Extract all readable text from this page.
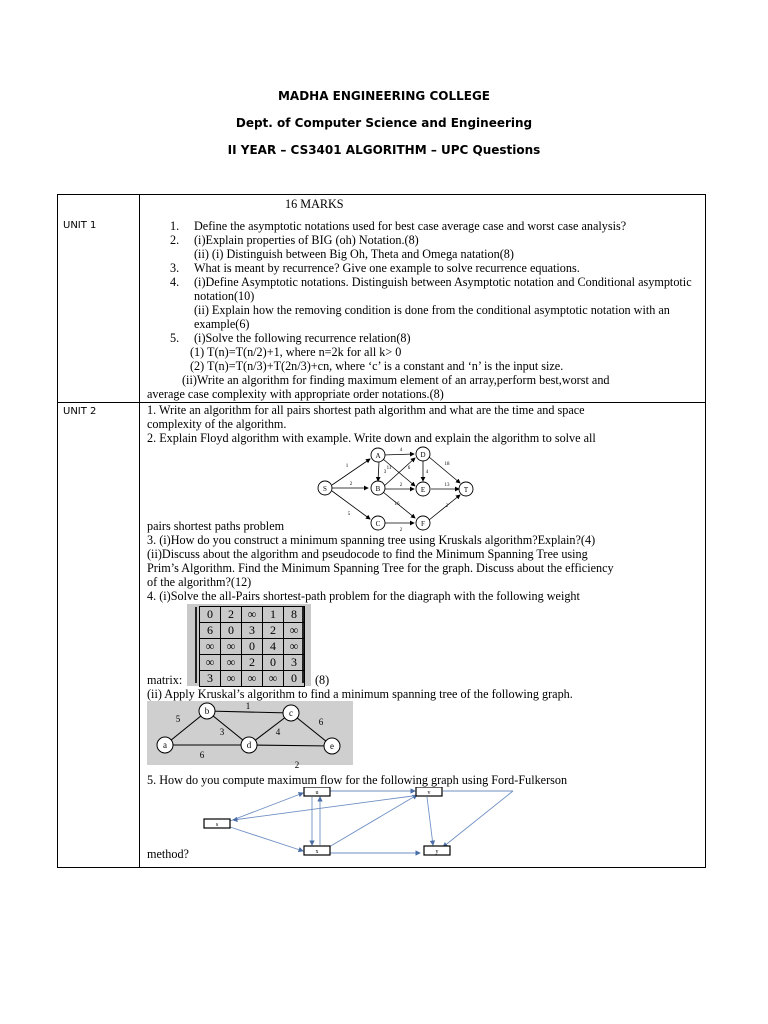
MADHA ENGINEERING COLLEGE
Dept. of Computer Science and Engineering
II YEAR – CS3401 ALGORITHM – UPC Questions
UNIT 1

16 MARKS
1. Define the asymptotic notations used for best case average case and worst case analysis?
2. (i)Explain properties of BIG (oh) Notation.(8)
(ii) (i) Distinguish between Big Oh, Theta and Omega natation(8)
3. What is meant by recurrence? Give one example to solve recurrence equations.
4. (i)Define Asymptotic notations. Distinguish between Asymptotic notation and Conditional asymptotic notation(10)
(ii) Explain how the removing condition is done from the conditional asymptotic notation with an example(6)
5. (i)Solve the following recurrence relation(8)
(1) T(n)=T(n/2)+1, where n=2k for all k> 0
(2) T(n)=T(n/3)+T(2n/3)+cn, where ‘c’ is a constant and ‘n’ is the input size.
(ii)Write an algorithm for finding maximum element of an array,perform best,worst and
average case complexity with appropriate order notations.(8)

UNIT 2	1. Write an algorithm for all pairs shortest path algorithm and what are the time and space complexity of the algorithm.
2. Explain Floyd algorithm with example. Write down and explain the algorithm to solve all
S
A
B
C
D
E
F
T
1
4
18
11
2	2
6
13
16
3
2
2
4
5
pairs shortest paths problem
3. (i)How do you construct a minimum spanning tree using Kruskals algorithm?Explain?(4)
(ii)Discuss about the algorithm and pseudocode to find the Minimum Spanning Tree using Prim’s Algorithm. Find the Minimum Spanning Tree for the graph. Discuss about the efficiency of the algorithm?(12)
4. (i)Solve the all-Pairs shortest-path problem for the diagraph with the following weight
0	2	∞	1	8
6	0	3	2	∞
∞	∞	0	4	∞
∞	∞	2	0	3
3	∞	∞	∞	0
matrix:	(8)
(ii) Apply Kruskal’s algorithm to find a minimum spanning tree of the following graph.
a
b	c
d	e
1
5
3	4
6
6
2
5. How do you compute maximum flow for the following graph using Ford-Fulkerson
u	v
s
x	y
method?
